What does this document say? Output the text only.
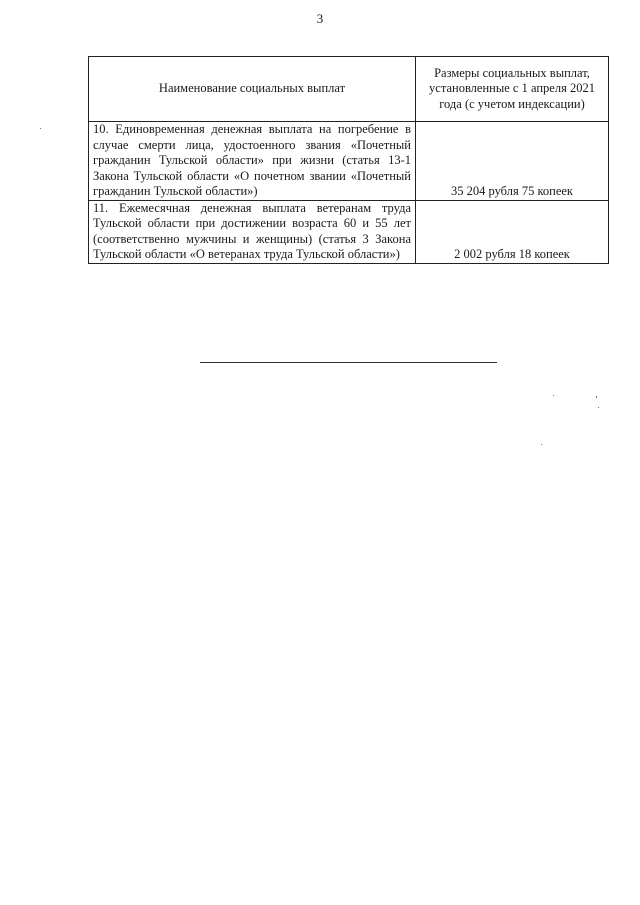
3
Наименование социальных выплат	Размеры социальных выплат, установленные с 1 апреля 2021 года (с учетом индексации)
10. Единовременная денежная выплата на погребение в случае смерти лица, удостоенного звания «Почетный гражданин Тульской области» при жизни (статья 13-1 Закона Тульской области «О почетном звании «Почетный гражданин Тульской области»)	35 204 рубля 75 копеек
11. Ежемесячная денежная выплата ветеранам труда Тульской области при достижении возраста 60 и 55 лет (соответственно мужчины и женщины) (статья 3 Закона Тульской области «О ветеранах труда Тульской области»)	2 002 рубля 18 копеек
